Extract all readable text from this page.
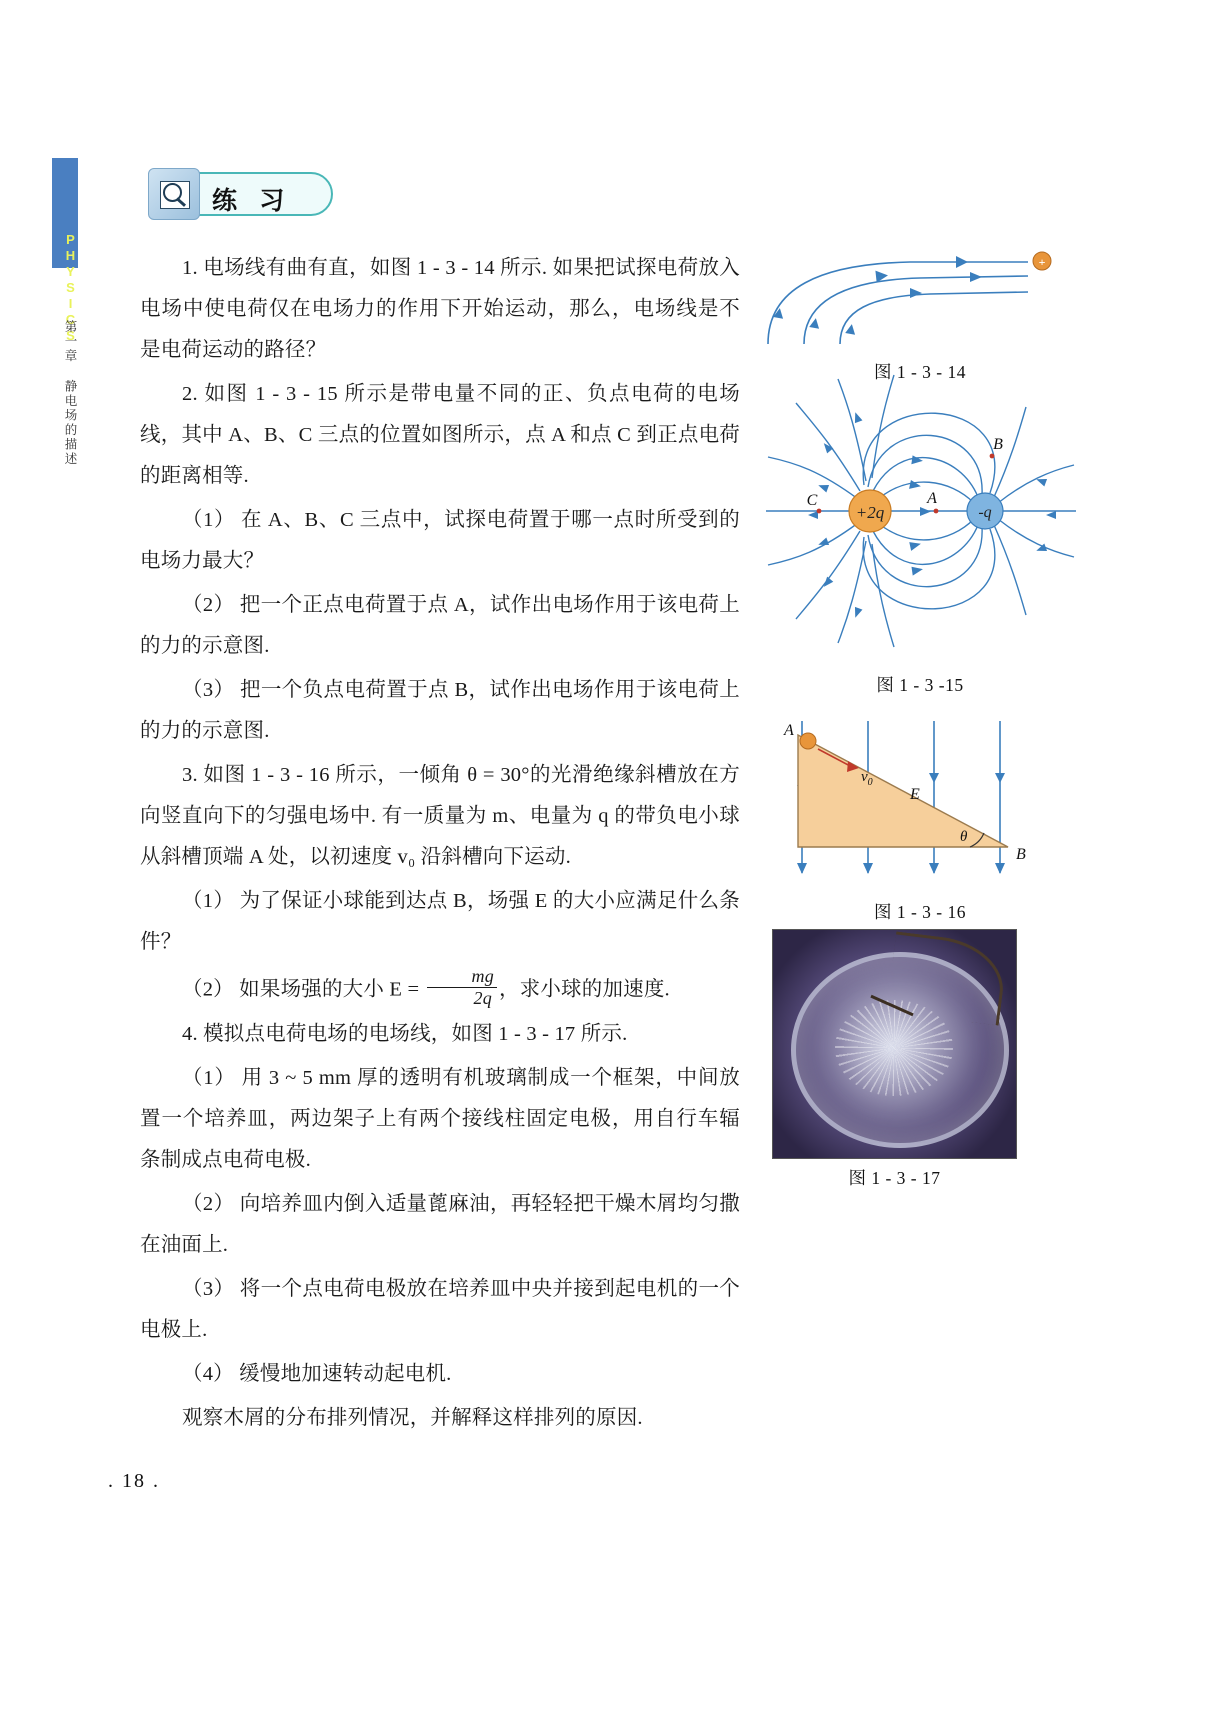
PHYSICS
第一章 静电场的描述
练 习

1. 电场线有曲有直，如图 1 - 3 - 14 所示. 如果把试探电荷放入电场中使电荷仅在电场力的作用下开始运动，那么，电场线是不是电荷运动的路径？

2. 如图 1 - 3 - 15 所示是带电量不同的正、负点电荷的电场线，其中 A、B、C 三点的位置如图所示，点 A 和点 C 到正点电荷的距离相等.

（1） 在 A、B、C 三点中，试探电荷置于哪一点时所受到的电场力最大？

（2） 把一个正点电荷置于点 A，试作出电场作用于该电荷上的力的示意图.

（3） 把一个负点电荷置于点 B，试作出电场作用于该电荷上的力的示意图.

3. 如图 1 - 3 - 16 所示，一倾角 θ = 30°的光滑绝缘斜槽放在方向竖直向下的匀强电场中. 有一质量为 m、电量为 q 的带负电小球从斜槽顶端 A 处，以初速度 v₀ 沿斜槽向下运动.

（1） 为了保证小球能到达点 B，场强 E 的大小应满足什么条件？

（2） 如果场强的大小 $E = \frac{mg}{2q}$ ，求小球的加速度.

4. 模拟点电荷电场的电场线，如图 1 - 3 - 17 所示.

（1） 用 3 ~ 5 mm 厚的透明有机玻璃制成一个框架，中间放置一个培养皿，两边架子上有两个接线柱固定电极，用自行车辐条制成点电荷电极.

（2） 向培养皿内倒入适量蓖麻油，再轻轻把干燥木屑均匀撒在油面上.

（3） 将一个点电荷电极放在培养皿中央并接到起电机的一个电极上.

（4） 缓慢地加速转动起电机.

观察木屑的分布排列情况，并解释这样排列的原因.

+
图 1 - 3 - 14
+2q	-q
A
B
C
图 1 - 3 -15
$v_0$
A
B
E
θ
图 1 - 3 - 16
图 1 - 3 - 17
. 18 .
